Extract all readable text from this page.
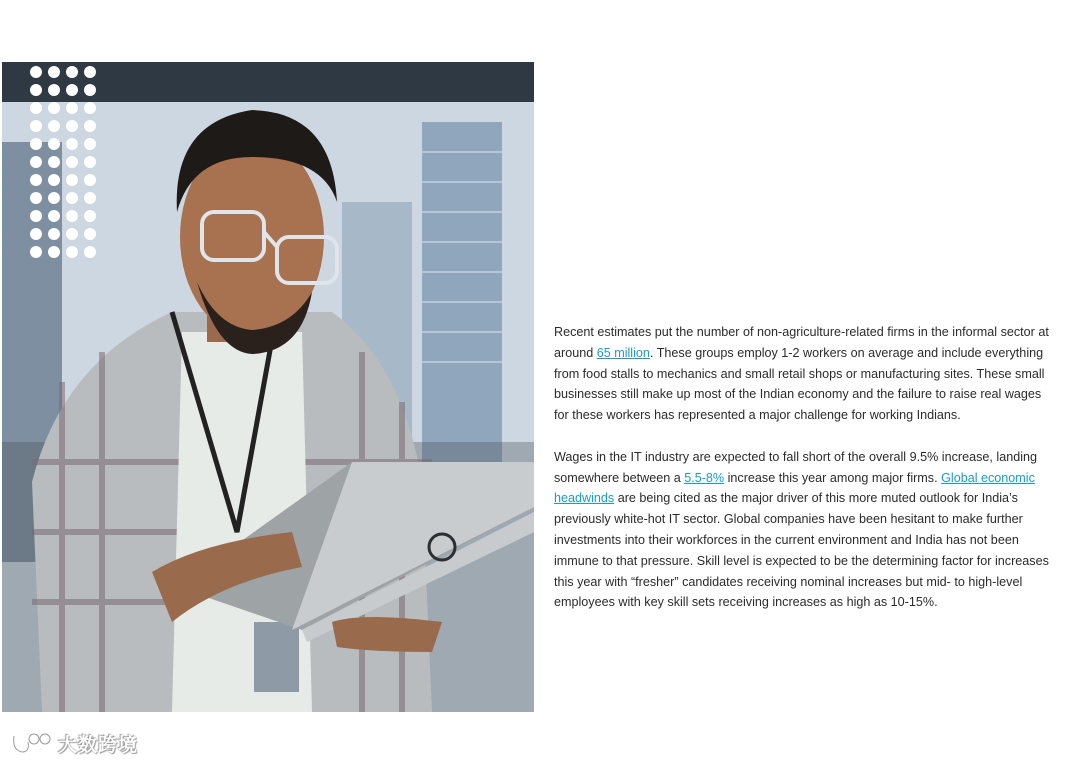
Recent estimates put the number of non-agriculture-related firms in the informal sector at around 65 million. These groups employ 1-2 workers on average and include everything from food stalls to mechanics and small retail shops or manufacturing sites. These small businesses still make up most of the Indian economy and the failure to raise real wages for these workers has represented a major challenge for working Indians.

Wages in the IT industry are expected to fall short of the overall 9.5% increase, landing somewhere between a 5.5-8% increase this year among major firms. Global economic headwinds are being cited as the major driver of this more muted outlook for India’s previously white-hot IT sector. Global companies have been hesitant to make further investments into their workforces in the current environment and India has not been immune to that pressure. Skill level is expected to be the determining factor for increases this year with “fresher” candidates receiving nominal increases but mid- to high-level employees with key skill sets receiving increases as high as 10-15%.

大数跨境
